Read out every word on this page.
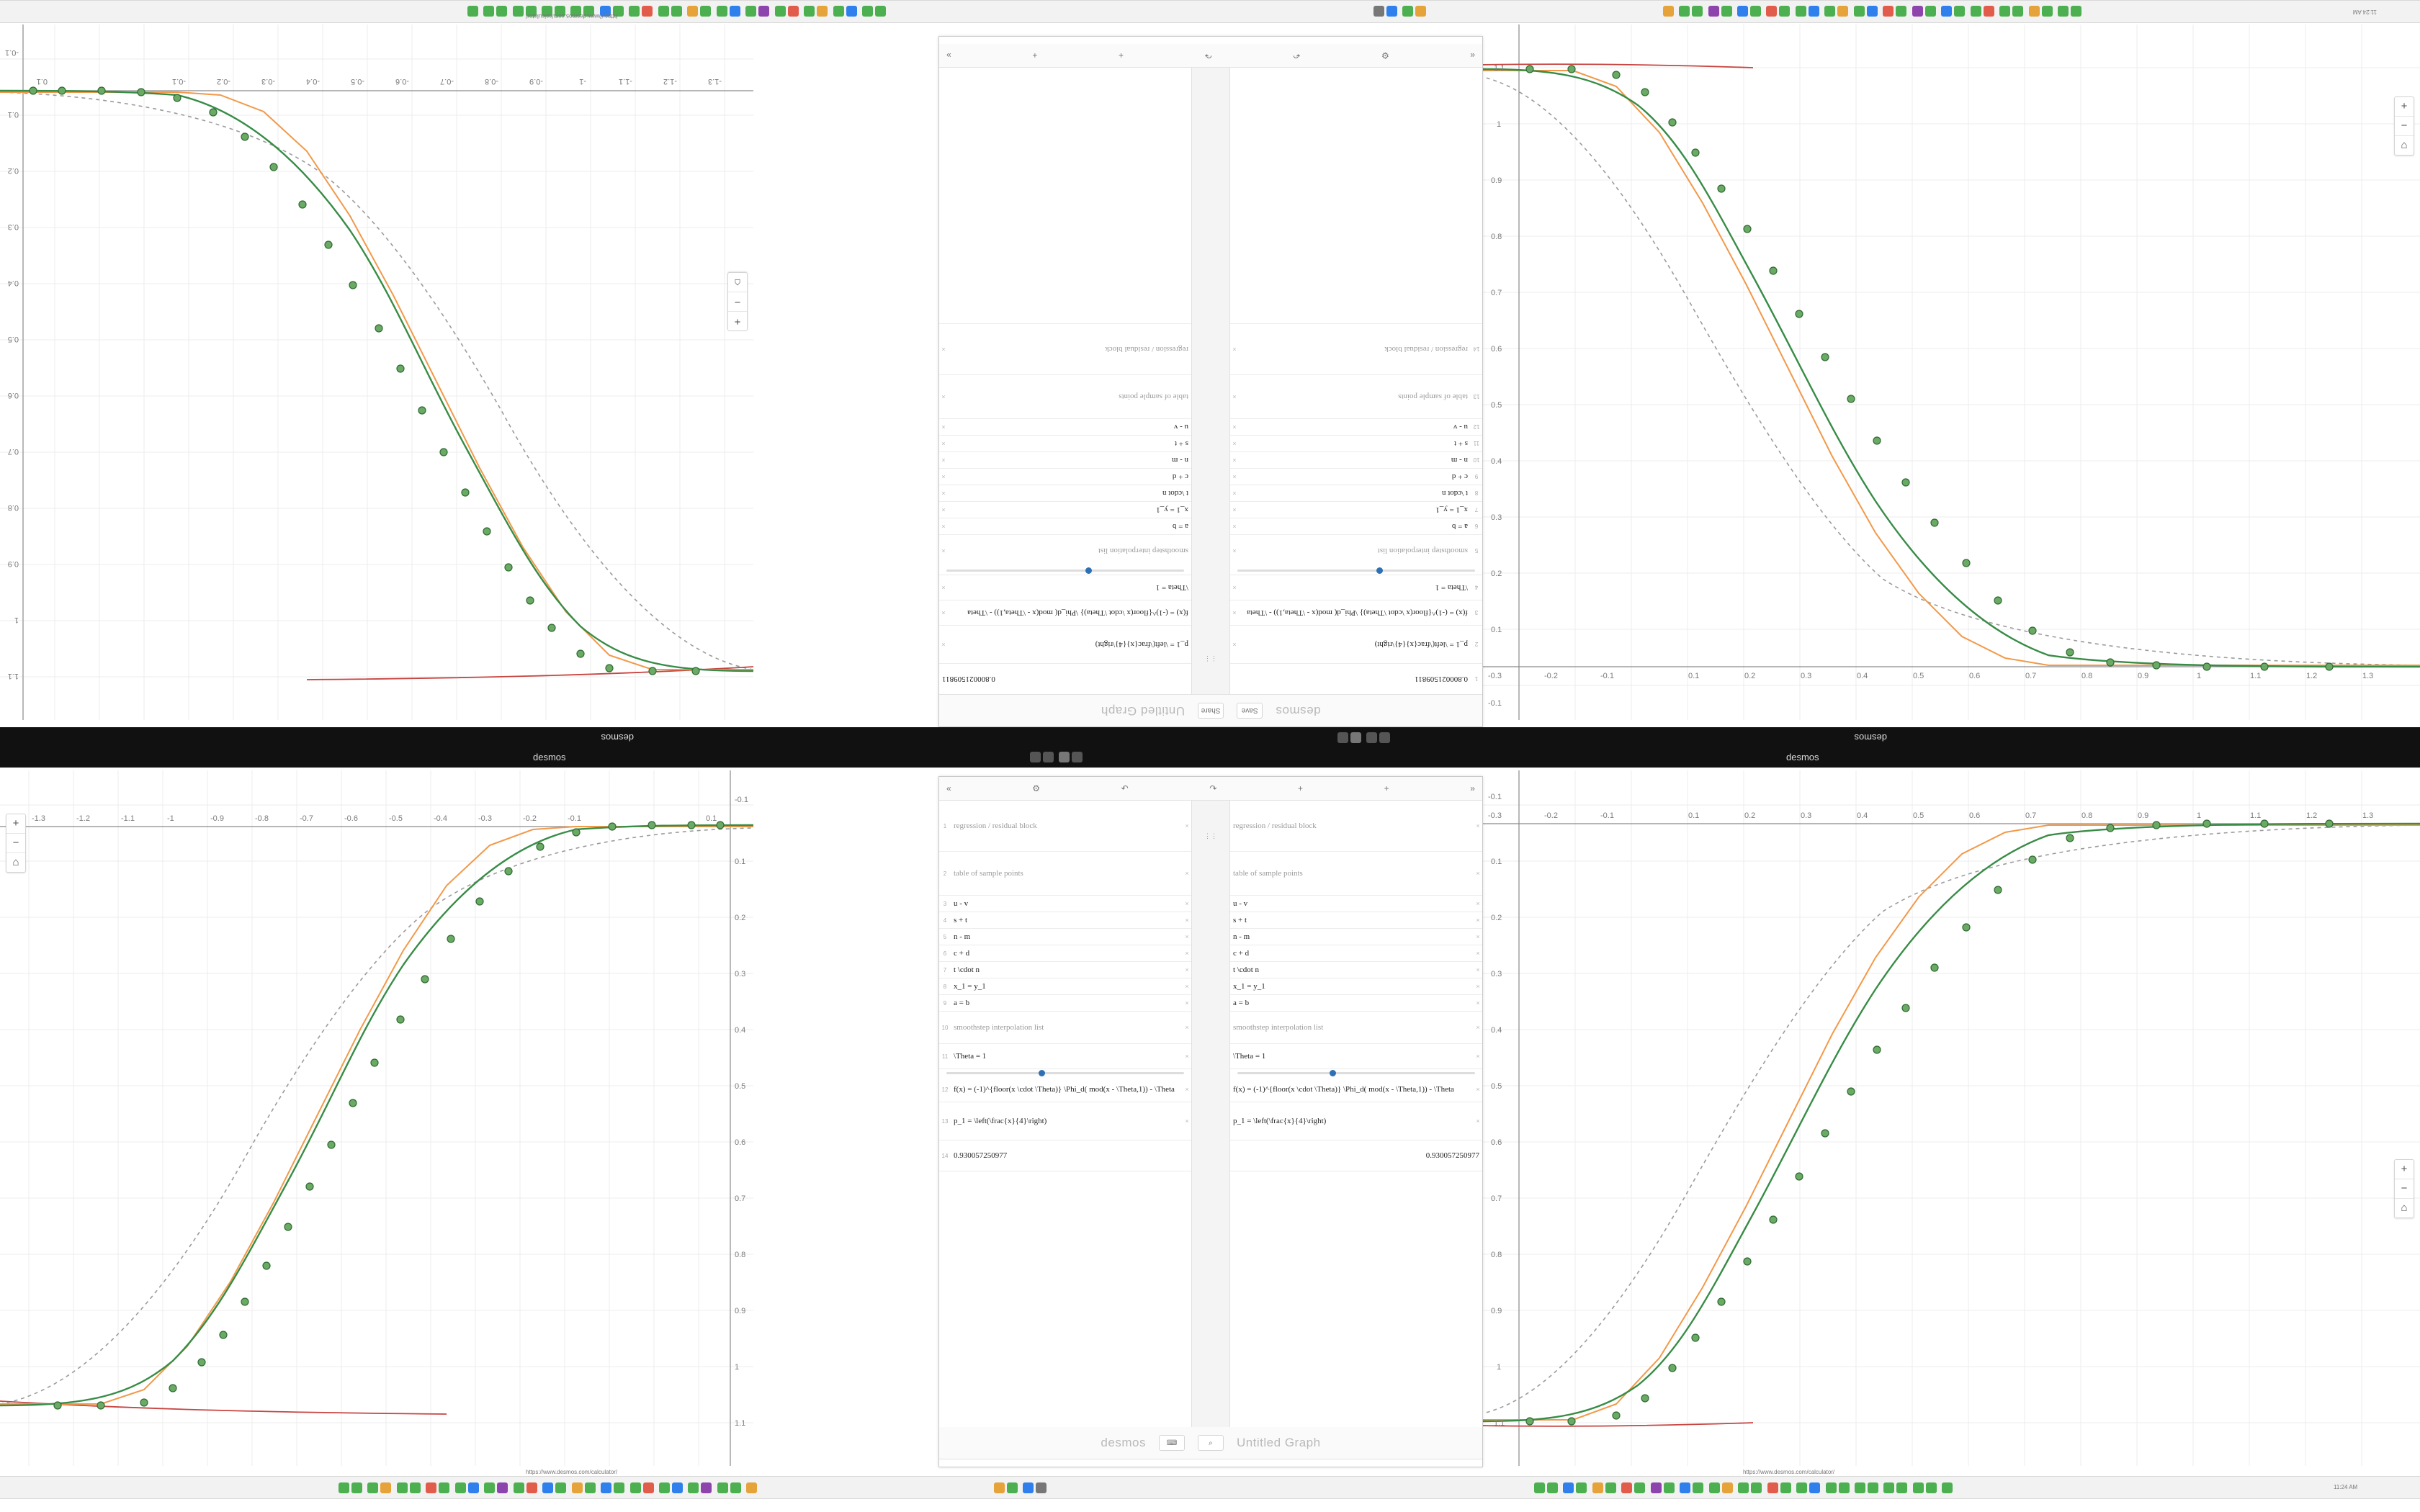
11:24 AM
-1.3
-1.2
-1.1
-1
-0.9
-0.8
-0.7
-0.6
-0.5
-0.4
-0.3
-0.2
-0.1
0.1
1.1
1
0.9
0.8
0.7
0.6
0.5
0.4
0.3
0.2
0.1
-0.1
+
−
⌂
-0.3	-0.2	-0.1	0.1	0.2	0.3	0.4	0.5	0.6	0.7	0.8	0.9	1	1.1	1.2	1.3
1.1
1
0.9
0.8
0.7
0.6
0.5
0.4
0.3
0.2
0.1
-0.1
+
−
⌂
desmos
Save
Share
Untitled Graph
1
0.800021509811
2
p_1 = \left(\frac{x}{4}\right)
×
3
f(x) = (-1)^{floor(x \cdot \Theta)} \Phi_d( mod(x - \Theta,1)) - \Theta
×
4
\Theta = 1
×
5
smoothstep interpolation list
×
6
a = b
×
7
x_1 = y_1
×
8
t \cdot n
×
9
c + d
×
10
n - m
×
11
s + t
×
12
u - v
×
13
table of sample points
×
14
regression / residual block
×
⋮⋮
0.800021509811
p_1 = \left(\frac{x}{4}\right)
×
f(x) = (-1)^{floor(x \cdot \Theta)} \Phi_d( mod(x - \Theta,1)) - \Theta
×
\Theta = 1
×
smoothstep interpolation list
×
a = b
×
x_1 = y_1
×
t \cdot n
×
c + d
×
n - m
×
s + t
×
u - v
×
table of sample points
×
regression / residual block
×
«
⚙
↶
↷
+
+
»
desmos
desmos

desmos	desmos

-1.3	-1.2	-1.1	-1	-0.9	-0.8	-0.7	-0.6	-0.5	-0.4	-0.3	-0.2	-0.1	0.1
1.1
1
0.9
0.8
0.7
0.6
0.5
0.4
0.3
0.2
0.1
-0.1
+
−
⌂
-0.3	-0.2	-0.1	0.1	0.2	0.3	0.4	0.5	0.6	0.7	0.8	0.9	1	1.1	1.2	1.3
1.1
1
0.9
0.8
0.7
0.6
0.5
0.4
0.3
0.2
0.1
-0.1
+
−
⌂
«	⚙	↶	↷	+	+	»
1 regression / residual block	×
2 table of sample points	×
3 u - v	×
4 s + t	×
5 n - m	×
6 c + d	×
7 t \cdot n	×
8 x_1 = y_1	×
9 a = b	×
10 smoothstep interpolation list	×
11 \Theta = 1	×
12 f(x) = (-1)^{floor(x \cdot \Theta)} \Phi_d( mod(x - \Theta,1)) - \Theta	×
13 p_1 = \left(\frac{x}{4}\right)	×
14 0.930057250977
⋮⋮
regression / residual block	×
table of sample points	×
u - v	×
s + t	×
n - m	×
c + d	×
t \cdot n	×
x_1 = y_1	×
a = b	×
smoothstep interpolation list	×
\Theta = 1	×
f(x) = (-1)^{floor(x \cdot \Theta)} \Phi_d( mod(x - \Theta,1)) - \Theta	×
p_1 = \left(\frac{x}{4}\right)	×
0.930057250977
desmos	⌨	⌕	Untitled Graph
https://www.desmos.com/calculator/	https://www.desmos.com/calculator/
https://www.desmos.com/calculator/

11:24 AM
